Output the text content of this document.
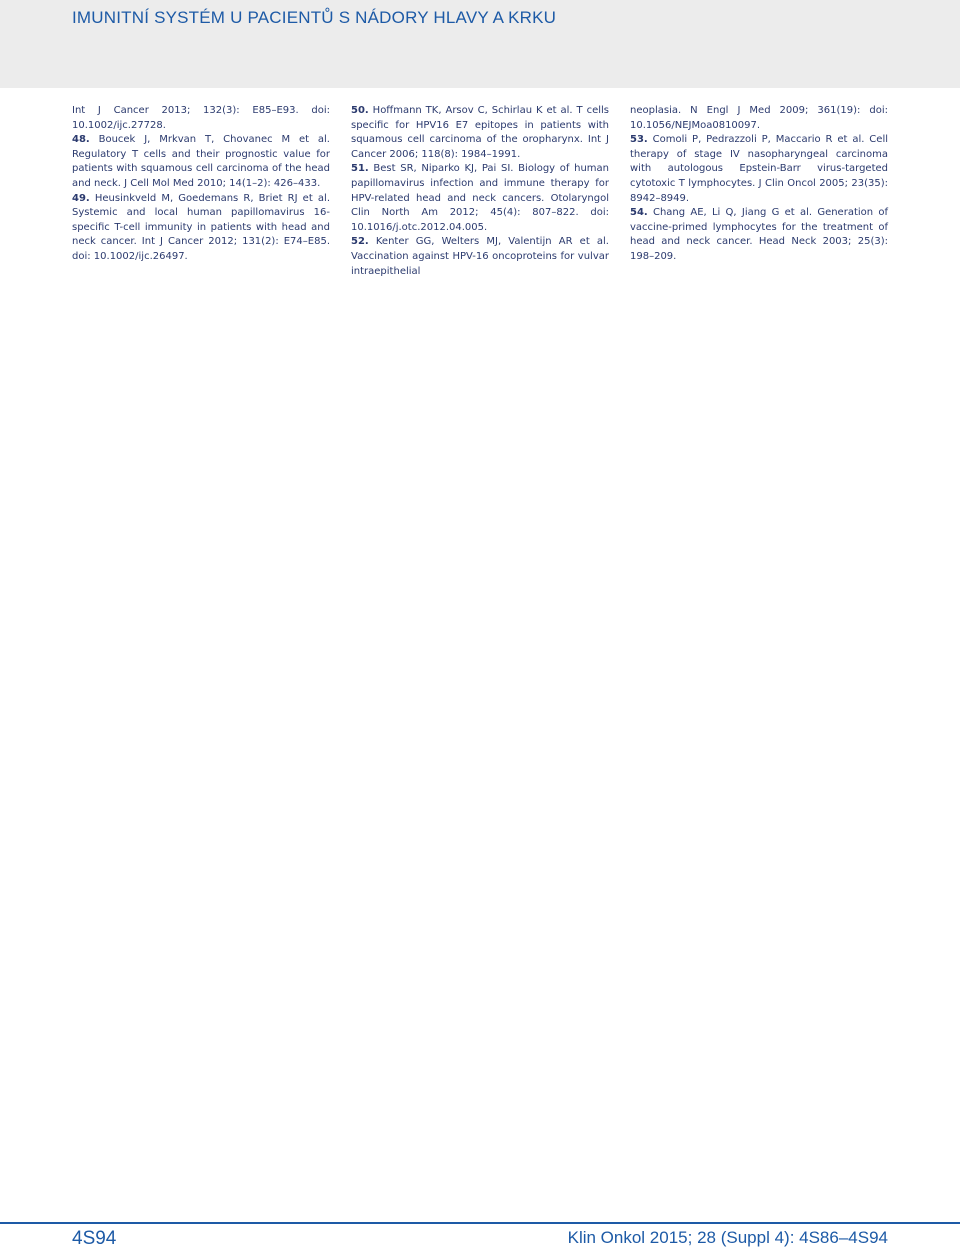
IMUNITNÍ SYSTÉM U PACIENTŮ S NÁDORY HLAVY A KRKU

Int J Cancer 2013; 132(3): E85–E93. doi: 10.1002/ijc.27728.

48. Boucek J, Mrkvan T, Chovanec M et al. Regulatory T cells and their prognostic value for patients with squamous cell carcinoma of the head and neck. J Cell Mol Med 2010; 14(1–2): 426–433.

49. Heusinkveld M, Goedemans R, Briet RJ et al. Systemic and local human papillomavirus 16-specific T-cell immunity in patients with head and neck cancer. Int J Cancer 2012; 131(2): E74–E85. doi: 10.1002/ijc.26497.

50. Hoffmann TK, Arsov C, Schirlau K et al. T cells specific for HPV16 E7 epitopes in patients with squamous cell carcinoma of the oropharynx. Int J Cancer 2006; 118(8): 1984–1991.

51. Best SR, Niparko KJ, Pai SI. Biology of human papillomavirus infection and immune therapy for HPV-related head and neck cancers. Otolaryngol Clin North Am 2012; 45(4): 807–822. doi: 10.1016/j.otc.2012.04.005.

52. Kenter GG, Welters MJ, Valentijn AR et al. Vaccination against HPV-16 oncoproteins for vulvar intraepithelial

neoplasia. N Engl J Med 2009; 361(19): doi: 10.1056/NEJMoa0810097.

53. Comoli P, Pedrazzoli P, Maccario R et al. Cell therapy of stage IV nasopharyngeal carcinoma with autologous Epstein-Barr virus-targeted cytotoxic T lymphocytes. J Clin Oncol 2005; 23(35): 8942–8949.

54. Chang AE, Li Q, Jiang G et al. Generation of vaccine-primed lymphocytes for the treatment of head and neck cancer. Head Neck 2003; 25(3): 198–209.

4S94	Klin Onkol 2015; 28 (Suppl 4): 4S86–4S94
